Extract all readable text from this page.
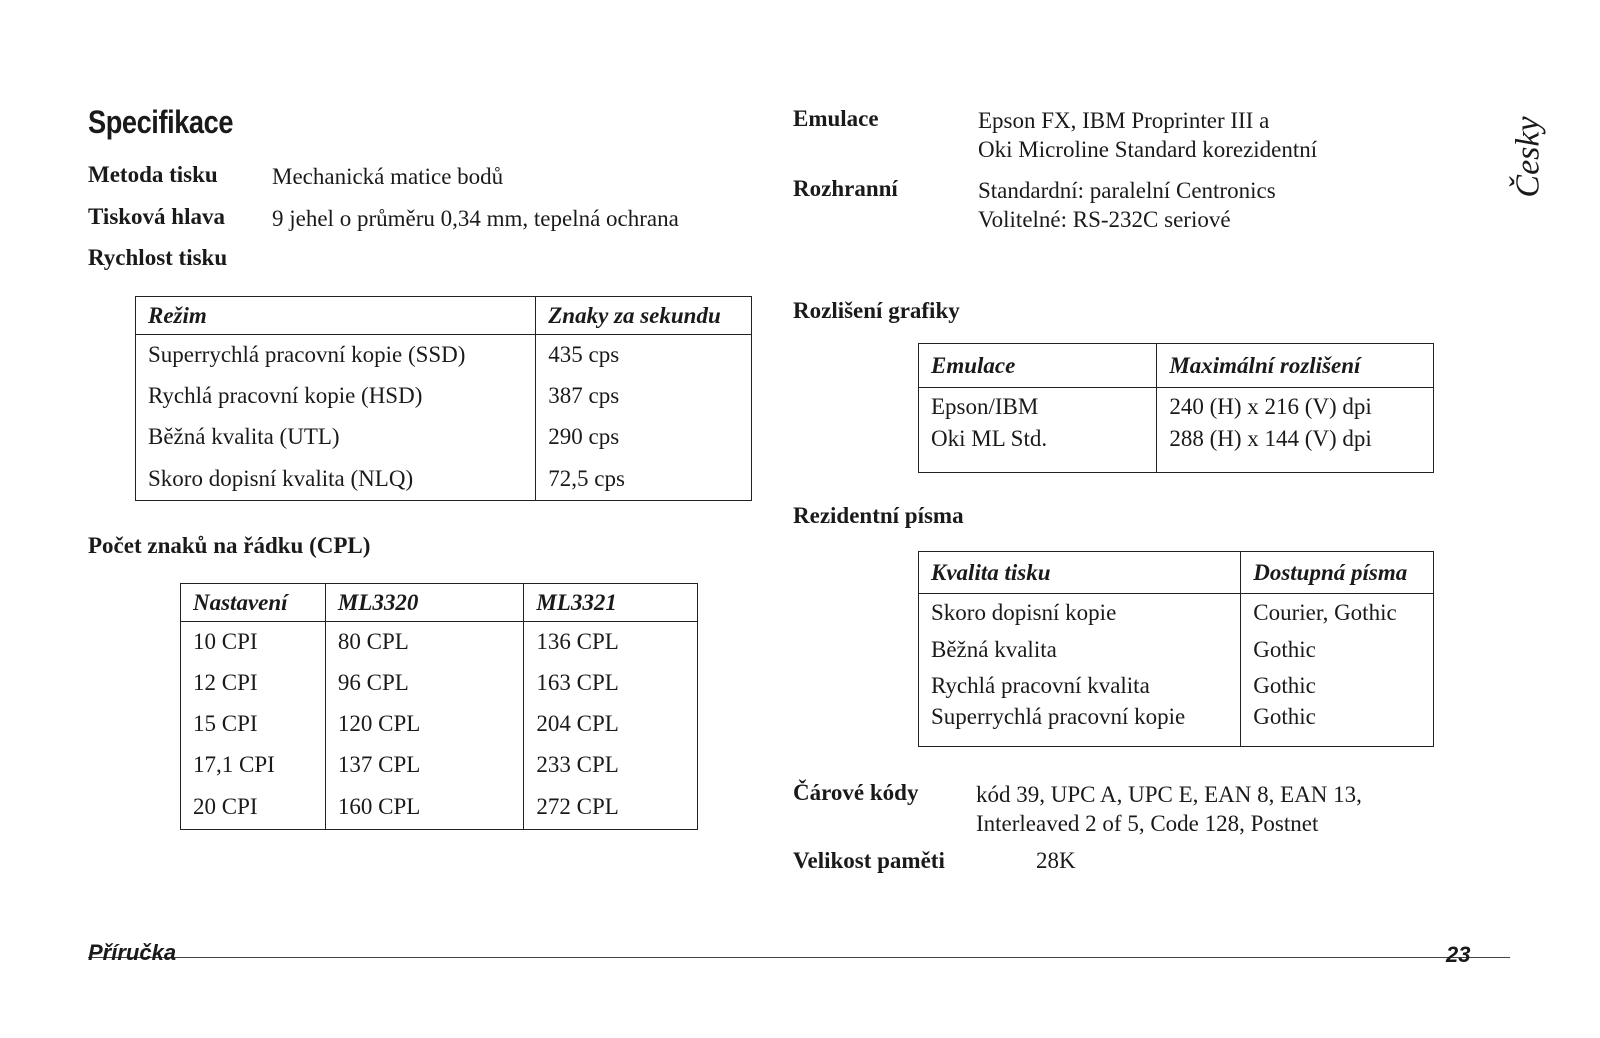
Specifikace	Česky
Metoda tisku Mechanická matice bodů
Tisková hlava 9 jehel o průměru 0,34 mm, tepelná ochrana
Rychlost tisku
Režim	Znaky za sekundu
Superrychlá pracovní kopie (SSD)	435 cps
Rychlá pracovní kopie (HSD)	387 cps
Běžná kvalita (UTL)	290 cps
Skoro dopisní kvalita (NLQ)	72,5 cps
Počet znaků na řádku (CPL)
Nastavení	ML3320	ML3321
10 CPI	80 CPL	136 CPL
12 CPI	96 CPL	163 CPL
15 CPI	120 CPL	204 CPL
17,1 CPI	137 CPL	233 CPL
20 CPI	160 CPL	272 CPL
Emulace	Epson FX, IBM Proprinter III a
Oki Microline Standard korezidentní
Rozhranní	Standardní: paralelní Centronics
Volitelné: RS-232C seriové
Rozlišení grafiky
Emulace	Maximální rozlišení
Epson/IBM	240 (H) x 216 (V) dpi
Oki ML Std.	288 (H) x 144 (V) dpi
Rezidentní písma
Kvalita tisku	Dostupná písma
Skoro dopisní kopie	Courier, Gothic
Běžná kvalita	Gothic
Rychlá pracovní kvalita	Gothic
Superrychlá pracovní kopie	Gothic
Čárové kódy	kód 39, UPC A, UPC E, EAN 8, EAN 13,
Interleaved 2 of 5, Code 128, Postnet
Velikost paměti	28K
Příručka	23
